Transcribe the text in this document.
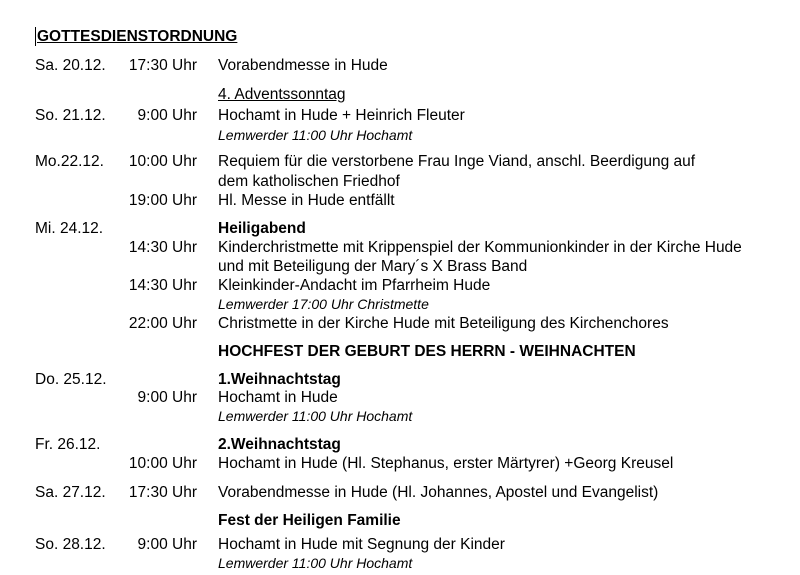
GOTTESDIENSTORDNUNG
Sa. 20.12. 17:30 Uhr Vorabendmesse in Hude
4. Adventssonntag
So. 21.12. 9:00 Uhr Hochamt in Hude + Heinrich Fleuter
Lemwerder 11:00 Uhr Hochamt
Mo.22.12. 10:00 Uhr Requiem für die verstorbene Frau Inge Viand, anschl. Beerdigung auf
dem katholischen Friedhof
19:00 Uhr Hl. Messe in Hude entfällt
Mi. 24.12.	Heiligabend
14:30 Uhr Kinderchristmette mit Krippenspiel der Kommunionkinder in der Kirche Hude
und mit Beteiligung der Mary´s X Brass Band
14:30 Uhr Kleinkinder-Andacht im Pfarrheim Hude
Lemwerder 17:00 Uhr Christmette
22:00 Uhr Christmette in der Kirche Hude mit Beteiligung des Kirchenchores
HOCHFEST DER GEBURT DES HERRN - WEIHNACHTEN
Do. 25.12.	1.Weihnachtstag
9:00 Uhr Hochamt in Hude
Lemwerder 11:00 Uhr Hochamt
Fr. 26.12.	2.Weihnachtstag
10:00 Uhr Hochamt in Hude (Hl. Stephanus, erster Märtyrer) +Georg Kreusel
Sa. 27.12. 17:30 Uhr Vorabendmesse in Hude (Hl. Johannes, Apostel und Evangelist)
Fest der Heiligen Familie
So. 28.12. 9:00 Uhr Hochamt in Hude mit Segnung der Kinder
Lemwerder 11:00 Uhr Hochamt
